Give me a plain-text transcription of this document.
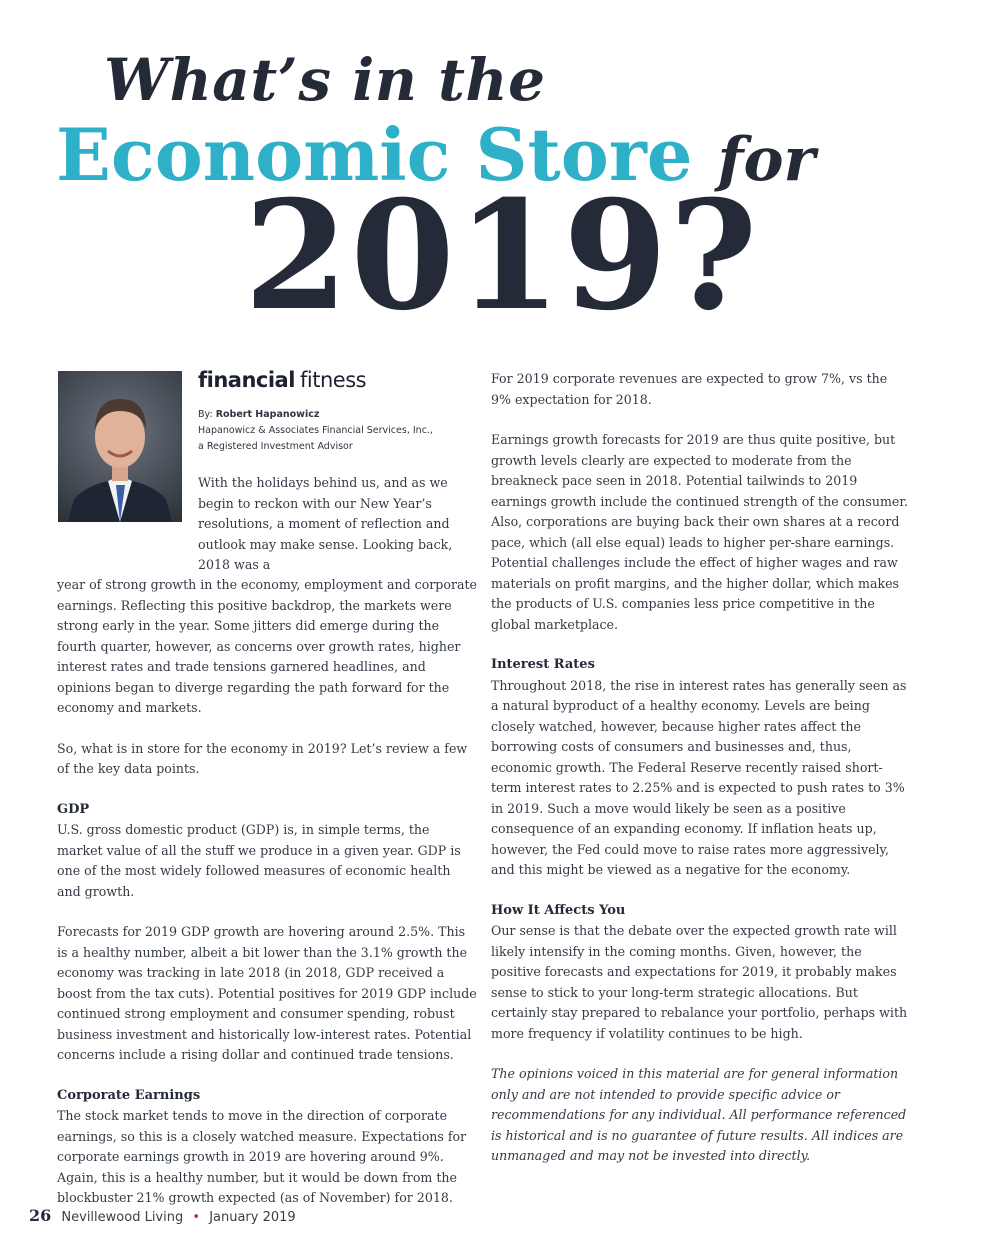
What’s in the
Economic Store for
2019?
financial fitness

By: Robert Hapanowicz

Hapanowicz & Associates Financial Services, Inc.,

a Registered Investment Advisor

With the holidays behind us, and as we begin to reckon with our New Year’s resolutions, a moment of reflection and outlook may make sense. Looking back, 2018 was a

year of strong growth in the economy, employment and corporate earnings. Reflecting this positive backdrop, the markets were strong early in the year. Some jitters did emerge during the fourth quarter, however, as concerns over growth rates, higher interest rates and trade tensions garnered headlines, and opinions began to diverge regarding the path forward for the economy and markets.

So, what is in store for the economy in 2019? Let’s review a few of the key data points.

GDP

U.S. gross domestic product (GDP) is, in simple terms, the market value of all the stuff we produce in a given year. GDP is one of the most widely followed measures of economic health and growth.

Forecasts for 2019 GDP growth are hovering around 2.5%. This is a healthy number, albeit a bit lower than the 3.1% growth the economy was tracking in late 2018 (in 2018, GDP received a boost from the tax cuts). Potential positives for 2019 GDP include continued strong employment and consumer spending, robust business investment and historically low-interest rates. Potential concerns include a rising dollar and continued trade tensions.

Corporate Earnings

The stock market tends to move in the direction of corporate earnings, so this is a closely watched measure. Expectations for corporate earnings growth in 2019 are hovering around 9%. Again, this is a healthy number, but it would be down from the blockbuster 21% growth expected (as of November) for 2018.

For 2019 corporate revenues are expected to grow 7%, vs the 9% expectation for 2018.

Earnings growth forecasts for 2019 are thus quite positive, but growth levels clearly are expected to moderate from the breakneck pace seen in 2018. Potential tailwinds to 2019 earnings growth include the continued strength of the consumer. Also, corporations are buying back their own shares at a record pace, which (all else equal) leads to higher per-share earnings. Potential challenges include the effect of higher wages and raw materials on profit margins, and the higher dollar, which makes the products of U.S. companies less price competitive in the global marketplace.

Interest Rates

Throughout 2018, the rise in interest rates has generally seen as a natural byproduct of a healthy economy. Levels are being closely watched, however, because higher rates affect the borrowing costs of consumers and businesses and, thus, economic growth. The Federal Reserve recently raised short-term interest rates to 2.25% and is expected to push rates to 3% in 2019. Such a move would likely be seen as a positive consequence of an expanding economy. If inflation heats up, however, the Fed could move to raise rates more aggressively, and this might be viewed as a negative for the economy.

How It Affects You

Our sense is that the debate over the expected growth rate will likely intensify in the coming months. Given, however, the positive forecasts and expectations for 2019, it probably makes sense to stick to your long-term strategic allocations. But certainly stay prepared to rebalance your portfolio, perhaps with more frequency if volatility continues to be high.

The opinions voiced in this material are for general information only and are not intended to provide specific advice or recommendations for any individual. All performance referenced is historical and is no guarantee of future results. All indices are unmanaged and may not be invested into directly.

26 Nevillewood Living • January 2019
